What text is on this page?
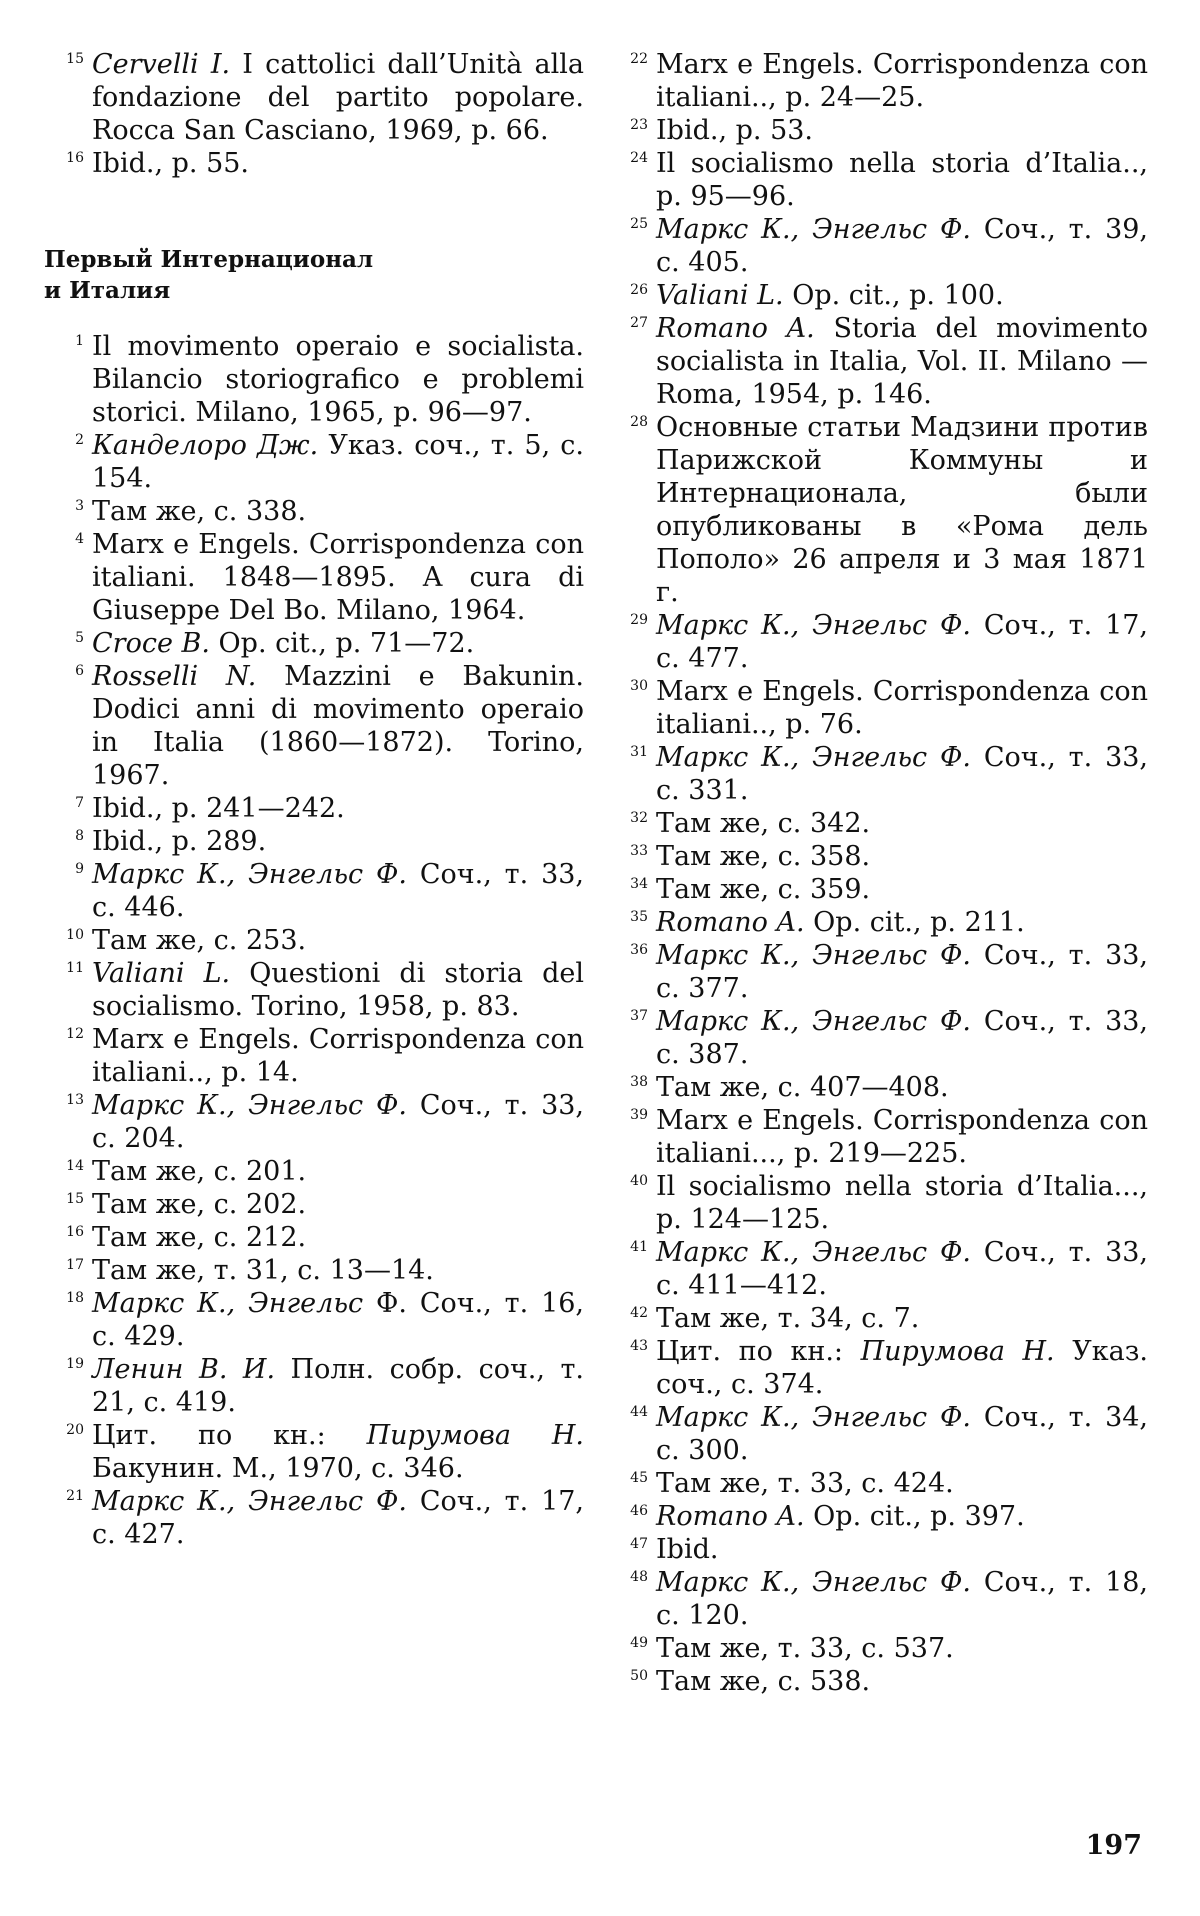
15 Cervelli I. I cattolici dall’Unità alla fondazione del partito popolare. Rocca San Casciano, 1969, p. 66.

16 Ibid., p. 55.

Первый Интернационал
и Италия

1 Il movimento operaio e socialista. Bilancio storiografico e problemi storici. Milano, 1965, p. 96—97.

2 Канделоро Дж. Указ. соч., т. 5, с. 154.

3 Там же, с. 338.

4 Marx e Engels. Corrispondenza con italiani. 1848—1895. A cura di Giuseppe Del Bo. Milano, 1964.

5 Croce B. Op. cit., p. 71—72.

6 Rosselli N. Mazzini e Bakunin. Dodici anni di movimento operaio in Italia (1860—1872). Torino, 1967.

7 Ibid., p. 241—242.

8 Ibid., p. 289.

9 Маркс К., Энгельс Ф. Соч., т. 33, с. 446.

10 Там же, с. 253.

11 Valiani L. Questioni di storia del socialismo. Torino, 1958, p. 83.

12 Marx e Engels. Corrispondenza con italiani.., p. 14.

13 Маркс К., Энгельс Ф. Соч., т. 33, с. 204.

14 Там же, с. 201.

15 Там же, с. 202.

16 Там же, с. 212.

17 Там же, т. 31, с. 13—14.

18 Маркс К., Энгельс Ф. Соч., т. 16, с. 429.

19 Ленин В. И. Полн. собр. соч., т. 21, с. 419.

20 Цит. по кн.: Пирумова Н. Бакунин. М., 1970, с. 346.

21 Маркс К., Энгельс Ф. Соч., т. 17, с. 427.

22 Marx e Engels. Corrispondenza con italiani.., p. 24—25.

23 Ibid., p. 53.

24 Il socialismo nella storia d’Italia.., p. 95—96.

25 Маркс К., Энгельс Ф. Соч., т. 39, с. 405.

26 Valiani L. Op. cit., p. 100.

27 Romano A. Storia del movimento socialista in Italia, Vol. II. Milano — Roma, 1954, p. 146.

28 Основные статьи Мадзини против Парижской Коммуны и Интернационала, были опубликованы в «Рома дель Пополо» 26 апреля и 3 мая 1871 г.

29 Маркс К., Энгельс Ф. Соч., т. 17, с. 477.

30 Marx e Engels. Corrispondenza con italiani.., p. 76.

31 Маркс К., Энгельс Ф. Соч., т. 33, с. 331.

32 Там же, с. 342.

33 Там же, с. 358.

34 Там же, с. 359.

35 Romano A. Op. cit., p. 211.

36 Маркс К., Энгельс Ф. Соч., т. 33, с. 377.

37 Маркс К., Энгельс Ф. Соч., т. 33, с. 387.

38 Там же, с. 407—408.

39 Marx e Engels. Corrispondenza con italiani..., p. 219—225.

40 Il socialismo nella storia d’Italia..., p. 124—125.

41 Маркс К., Энгельс Ф. Соч., т. 33, с. 411—412.

42 Там же, т. 34, с. 7.

43 Цит. по кн.: Пирумова Н. Указ. соч., с. 374.

44 Маркс К., Энгельс Ф. Соч., т. 34, с. 300.

45 Там же, т. 33, с. 424.

46 Romano A. Op. cit., p. 397.

47 Ibid.

48 Маркс К., Энгельс Ф. Соч., т. 18, с. 120.

49 Там же, т. 33, с. 537.

50 Там же, с. 538.

197
